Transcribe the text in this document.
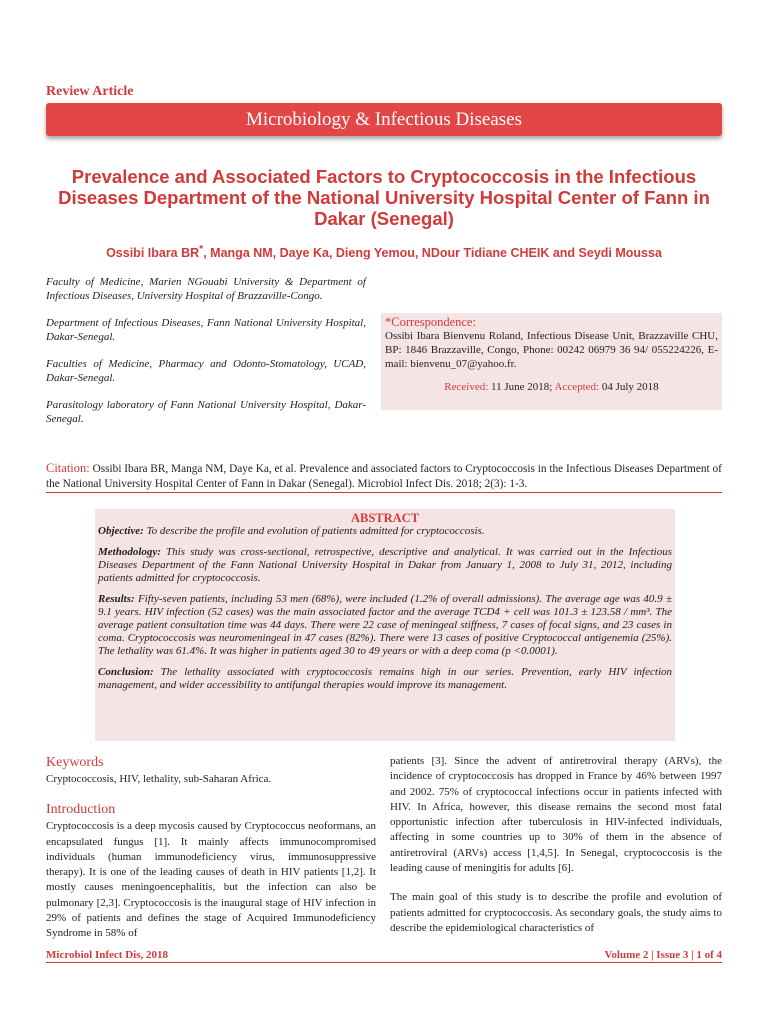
Review Article
Microbiology & Infectious Diseases
Prevalence and Associated Factors to Cryptococcosis in the Infectious Diseases Department of the National University Hospital Center of Fann in Dakar (Senegal)
Ossibi Ibara BR*, Manga NM, Daye Ka, Dieng Yemou, NDour Tidiane CHEIK and Seydi Moussa

Faculty of Medicine, Marien NGouabi University & Department of Infectious Diseases, University Hospital of Brazzaville-Congo.

Department of Infectious Diseases, Fann National University Hospital, Dakar-Senegal.

Faculties of Medicine, Pharmacy and Odonto-Stomatology, UCAD, Dakar-Senegal.

Parasitology laboratory of Fann National University Hospital, Dakar-Senegal.

*Correspondence:
Ossibi Ibara Bienvenu Roland, Infectious Disease Unit, Brazzaville CHU, BP: 1846 Brazzaville, Congo, Phone: 00242 06979 36 94/ 055224226, E-mail: bienvenu_07@yahoo.fr.
Received: 11 June 2018; Accepted: 04 July 2018
Citation: Ossibi Ibara BR, Manga NM, Daye Ka, et al. Prevalence and associated factors to Cryptococcosis in the Infectious Diseases Department of the National University Hospital Center of Fann in Dakar (Senegal). Microbiol Infect Dis. 2018; 2(3): 1-3.
ABSTRACT

Objective: To describe the profile and evolution of patients admitted for cryptococcosis.

Methodology: This study was cross-sectional, retrospective, descriptive and analytical. It was carried out in the Infectious Diseases Department of the Fann National University Hospital in Dakar from January 1, 2008 to July 31, 2012, including patients admitted for cryptococcosis.

Results: Fifty-seven patients, including 53 men (68%), were included (1.2% of overall admissions). The average age was 40.9 ± 9.1 years. HIV infection (52 cases) was the main associated factor and the average TCD4 + cell was 101.3 ± 123.58 / mm³. The average patient consultation time was 44 days. There were 22 case of meningeal stiffness, 7 cases of focal signs, and 23 cases in coma. Cryptococcosis was neuromeningeal in 47 cases (82%). There were 13 cases of positive Cryptococcal antigenemia (25%). The lethality was 61.4%. It was higher in patients aged 30 to 49 years or with a deep coma (p <0.0001).

Conclusion: The lethality associated with cryptococcosis remains high in our series. Prevention, early HIV infection management, and wider accessibility to antifungal therapies would improve its management.

Keywords

Cryptococcosis, HIV, lethality, sub-Saharan Africa.

Introduction

Cryptococcosis is a deep mycosis caused by Cryptococcus neoformans, an encapsulated fungus [1]. It mainly affects immunocompromised individuals (human immunodeficiency virus, immunosuppressive therapy). It is one of the leading causes of death in HIV patients [1,2]. It mostly causes meningoencephalitis, but the infection can also be pulmonary [2,3]. Cryptococcosis is the inaugural stage of HIV infection in 29% of patients and defines the stage of Acquired Immunodeficiency Syndrome in 58% of

patients [3]. Since the advent of antiretroviral therapy (ARVs), the incidence of cryptococcosis has dropped in France by 46% between 1997 and 2002. 75% of cryptococcal infections occur in patients infected with HIV. In Africa, however, this disease remains the second most fatal opportunistic infection after tuberculosis in HIV-infected individuals, affecting in some countries up to 30% of them in the absence of antiretroviral (ARVs) access [1,4,5]. In Senegal, cryptococcosis is the leading cause of meningitis for adults [6].

The main goal of this study is to describe the profile and evolution of patients admitted for cryptococcosis. As secondary goals, the study aims to describe the epidemiological characteristics of

Microbiol Infect Dis, 2018	Volume 2 | Issue 3 | 1 of 4
